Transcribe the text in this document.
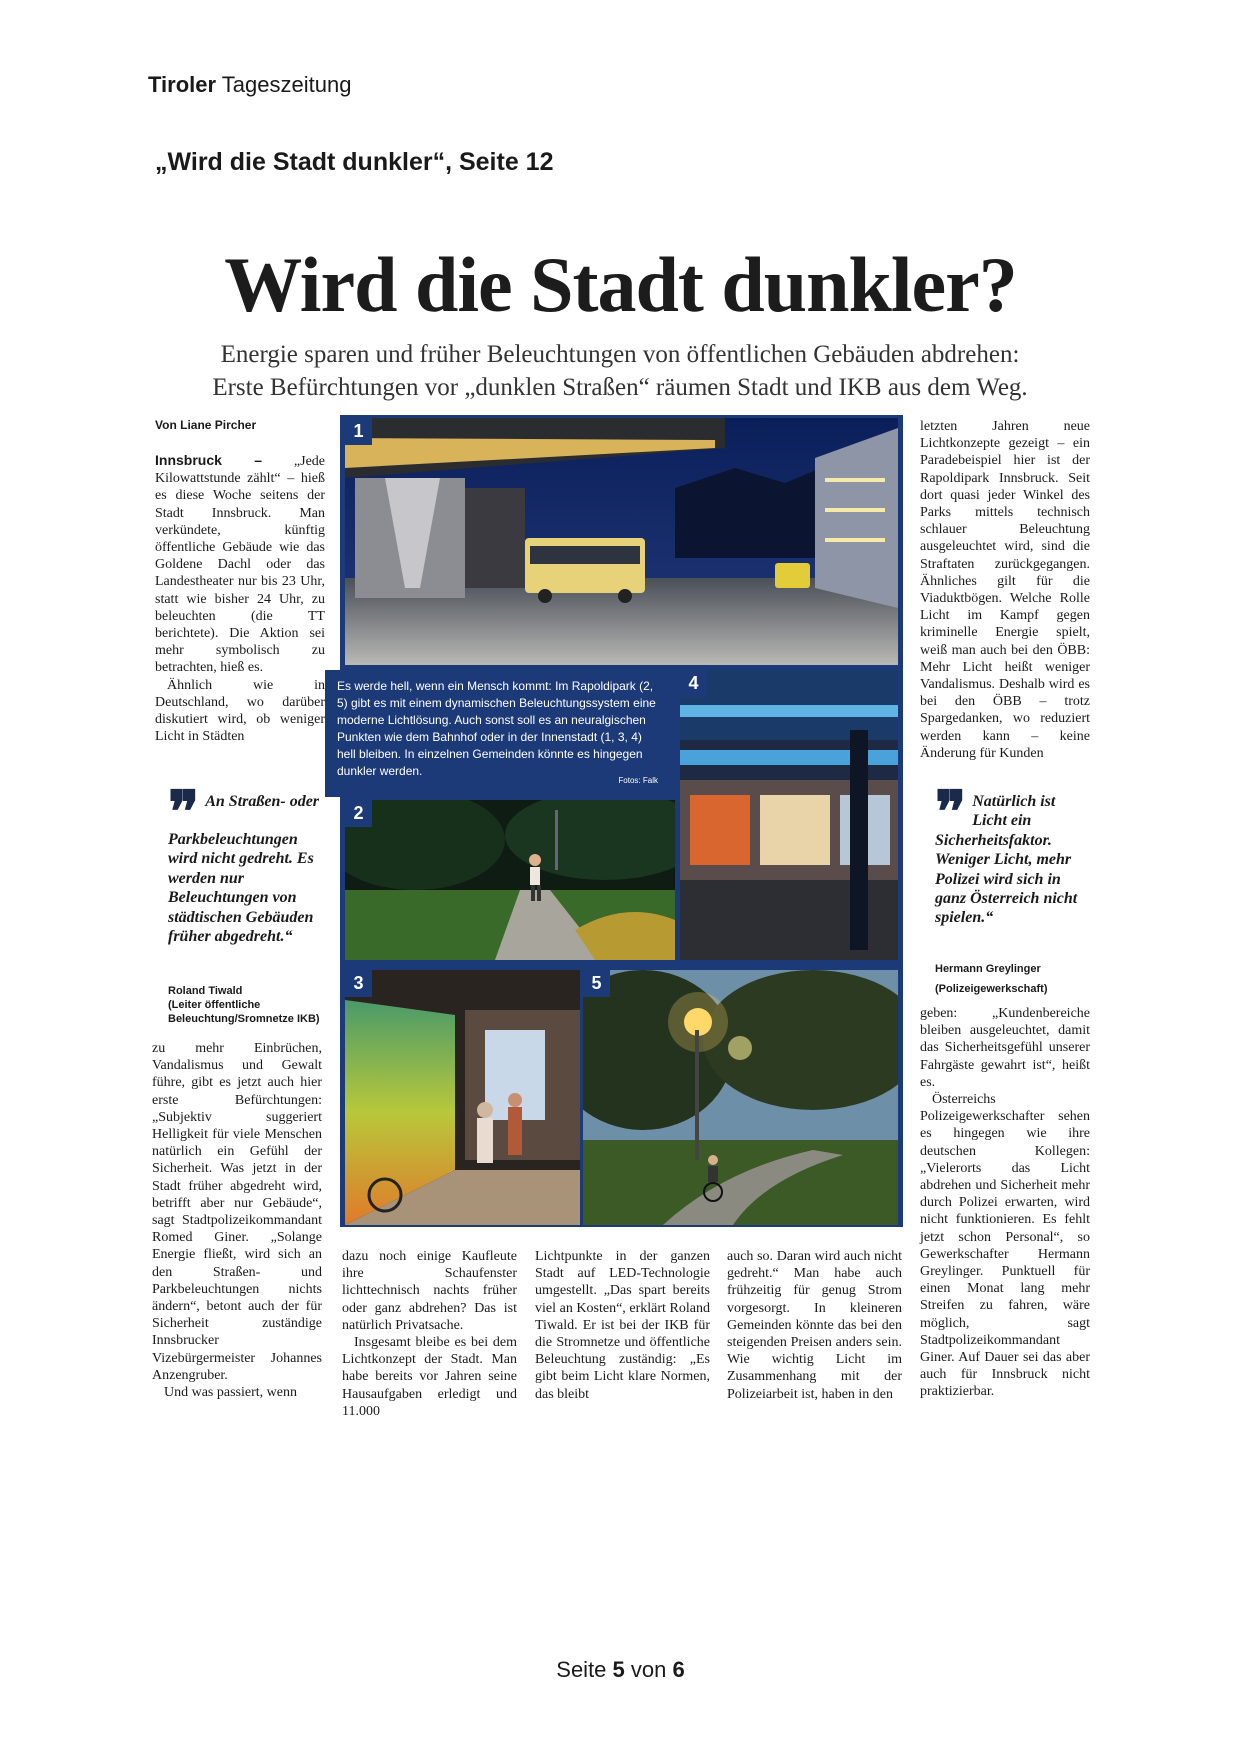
Tiroler Tageszeitung
„Wird die Stadt dunkler“, Seite 12
Wird die Stadt dunkler?
Energie sparen und früher Beleuchtungen von öffentlichen Gebäuden abdrehen:
Erste Befürchtungen vor „dunklen Straßen“ räumen Stadt und IKB aus dem Weg.
Von Liane Pircher

Innsbruck – „Jede Kilowattstunde zählt“ – hieß es diese Woche seitens der Stadt Innsbruck. Man verkündete, künftig öffentliche Gebäude wie das Goldene Dachl oder das Landestheater nur bis 23 Uhr, statt wie bisher 24 Uhr, zu beleuchten (die TT berichtete). Die Aktion sei mehr symbolisch zu betrachten, hieß es.

Ähnlich wie in Deutschland, wo darüber diskutiert wird, ob weniger Licht in Städten

❞ An Straßen- oder Parkbeleuchtungen wird nicht gedreht. Es werden nur Beleuchtungen von städtischen Gebäuden früher abgedreht.“
Roland Tiwald
(Leiter öffentliche Beleuchtung/Sromnetze IKB)

zu mehr Einbrüchen, Vandalismus und Gewalt führe, gibt es jetzt auch hier erste Befürchtungen: „Subjektiv suggeriert Helligkeit für viele Menschen natürlich ein Gefühl der Sicherheit. Was jetzt in der Stadt früher abgedreht wird, betrifft aber nur Gebäude“, sagt Stadtpolizeikommandant Romed Giner. „Solange Energie fließt, wird sich an den Straßen- und Parkbeleuchtungen nichts ändern“, betont auch der für Sicherheit zuständige Innsbrucker Vizebürgermeister Johannes Anzengruber.

Und was passiert, wenn

1
Es werde hell, wenn ein Mensch kommt: Im Rapoldipark (2, 5) gibt es mit einem dynamischen Beleuchtungssystem eine moderne Lichtlösung. Auch sonst soll es an neuralgischen Punkten wie dem Bahnhof oder in der Innenstadt (1, 3, 4) hell bleiben. In einzelnen Gemeinden könnte es hingegen dunkler werden.
Fotos: Falk
4
2
3	5

dazu noch einige Kaufleute ihre Schaufenster lichttechnisch nachts früher oder ganz abdrehen? Das ist natürlich Privatsache.

Insgesamt bleibe es bei dem Lichtkonzept der Stadt. Man habe bereits vor Jahren seine Hausaufgaben erledigt und 11.000

Lichtpunkte in der ganzen Stadt auf LED-Technologie umgestellt. „Das spart bereits viel an Kosten“, erklärt Roland Tiwald. Er ist bei der IKB für die Stromnetze und öffentliche Beleuchtung zuständig: „Es gibt beim Licht klare Normen, das bleibt

auch so. Daran wird auch nicht gedreht.“ Man habe auch frühzeitig für genug Strom vorgesorgt. In kleineren Gemeinden könnte das bei den steigenden Preisen anders sein. Wie wichtig Licht im Zusammenhang mit der Polizeiarbeit ist, haben in den

letzten Jahren neue Lichtkonzepte gezeigt – ein Paradebeispiel hier ist der Rapoldipark Innsbruck. Seit dort quasi jeder Winkel des Parks mittels technisch schlauer Beleuchtung ausgeleuchtet wird, sind die Straftaten zurückgegangen. Ähnliches gilt für die Viaduktbögen. Welche Rolle Licht im Kampf gegen kriminelle Energie spielt, weiß man auch bei den ÖBB: Mehr Licht heißt weniger Vandalismus. Deshalb wird es bei den ÖBB – trotz Spargedanken, wo reduziert werden kann – keine Änderung für Kunden

❞ Natürlich ist Licht ein Sicherheitsfaktor. Weniger Licht, mehr Polizei wird sich in ganz Österreich nicht spielen.“
Hermann Greylinger
(Polizeigewerkschaft)

geben: „Kundenbereiche bleiben ausgeleuchtet, damit das Sicherheitsgefühl unserer Fahrgäste gewahrt ist“, heißt es.

Österreichs Polizeigewerkschafter sehen es hingegen wie ihre deutschen Kollegen: „Vielerorts das Licht abdrehen und Sicherheit mehr durch Polizei erwarten, wird nicht funktionieren. Es fehlt jetzt schon Personal“, so Gewerkschafter Hermann Greylinger. Punktuell für einen Monat lang mehr Streifen zu fahren, wäre möglich, sagt Stadtpolizeikommandant Giner. Auf Dauer sei das aber auch für Innsbruck nicht praktizierbar.

Seite 5 von 6
